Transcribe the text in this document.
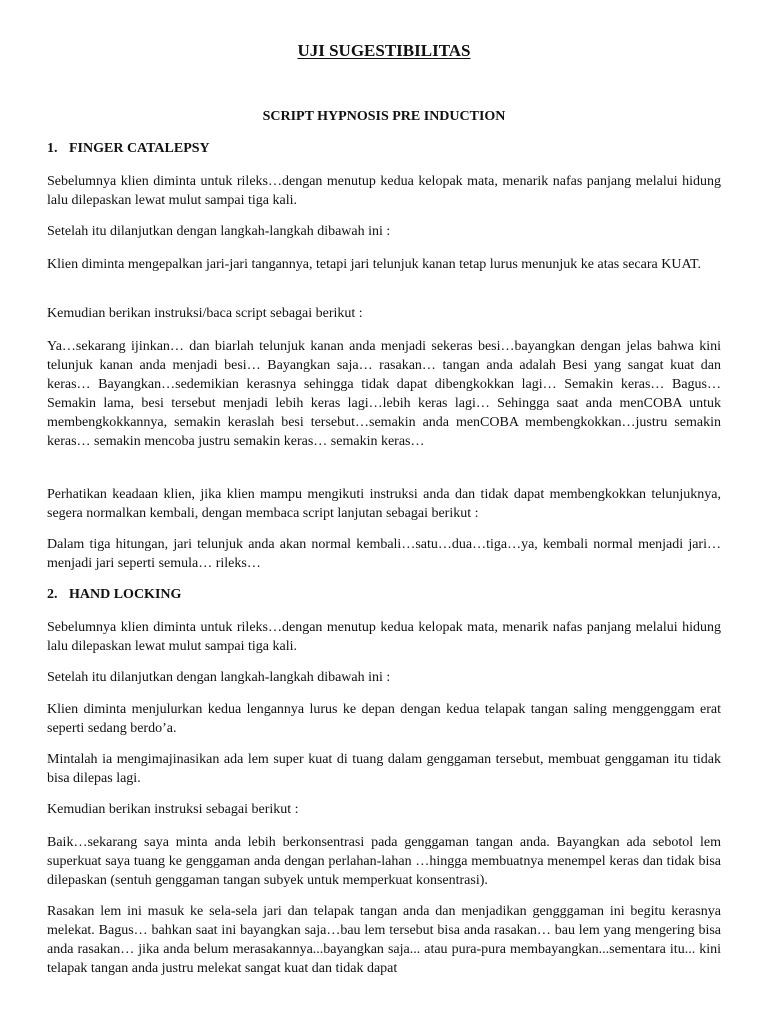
UJI SUGESTIBILITAS
SCRIPT HYPNOSIS PRE INDUCTION
1. FINGER CATALEPSY

Sebelumnya klien diminta untuk rileks…dengan menutup kedua kelopak mata, menarik nafas panjang melalui hidung lalu dilepaskan lewat mulut sampai tiga kali.

Setelah itu dilanjutkan dengan langkah-langkah dibawah ini :

Klien diminta mengepalkan jari-jari tangannya, tetapi jari telunjuk kanan tetap lurus menunjuk ke atas secara KUAT.

Kemudian berikan instruksi/baca script sebagai berikut :

Ya…sekarang ijinkan… dan biarlah telunjuk kanan anda menjadi sekeras besi…bayangkan dengan jelas bahwa kini telunjuk kanan anda menjadi besi… Bayangkan saja… rasakan… tangan anda adalah Besi yang sangat kuat dan keras… Bayangkan…sedemikian kerasnya sehingga tidak dapat dibengkokkan lagi… Semakin keras… Bagus… Semakin lama, besi tersebut menjadi lebih keras lagi…lebih keras lagi… Sehingga saat anda menCOBA untuk membengkokkannya, semakin keraslah besi tersebut…semakin anda menCOBA membengkokkan…justru semakin keras… semakin mencoba justru semakin keras… semakin keras…

Perhatikan keadaan klien, jika klien mampu mengikuti instruksi anda dan tidak dapat membengkokkan telunjuknya, segera normalkan kembali, dengan membaca script lanjutan sebagai berikut :

Dalam tiga hitungan, jari telunjuk anda akan normal kembali…satu…dua…tiga…ya, kembali normal menjadi jari… menjadi jari seperti semula… rileks…

2. HAND LOCKING

Sebelumnya klien diminta untuk rileks…dengan menutup kedua kelopak mata, menarik nafas panjang melalui hidung lalu dilepaskan lewat mulut sampai tiga kali.

Setelah itu dilanjutkan dengan langkah-langkah dibawah ini :

Klien diminta menjulurkan kedua lengannya lurus ke depan dengan kedua telapak tangan saling menggenggam erat seperti sedang berdo’a.

Mintalah ia mengimajinasikan ada lem super kuat di tuang dalam genggaman tersebut, membuat genggaman itu tidak bisa dilepas lagi.

Kemudian berikan instruksi sebagai berikut :

Baik…sekarang saya minta anda lebih berkonsentrasi pada genggaman tangan anda. Bayangkan ada sebotol lem superkuat saya tuang ke genggaman anda dengan perlahan-lahan …hingga membuatnya menempel keras dan tidak bisa dilepaskan (sentuh genggaman tangan subyek untuk memperkuat konsentrasi).

Rasakan lem ini masuk ke sela-sela jari dan telapak tangan anda dan menjadikan gengggaman ini begitu kerasnya melekat. Bagus… bahkan saat ini bayangkan saja…bau lem tersebut bisa anda rasakan… bau lem yang mengering bisa anda rasakan… jika anda belum merasakannya...bayangkan saja... atau pura-pura membayangkan...sementara itu... kini telapak tangan anda justru melekat sangat kuat dan tidak dapat
